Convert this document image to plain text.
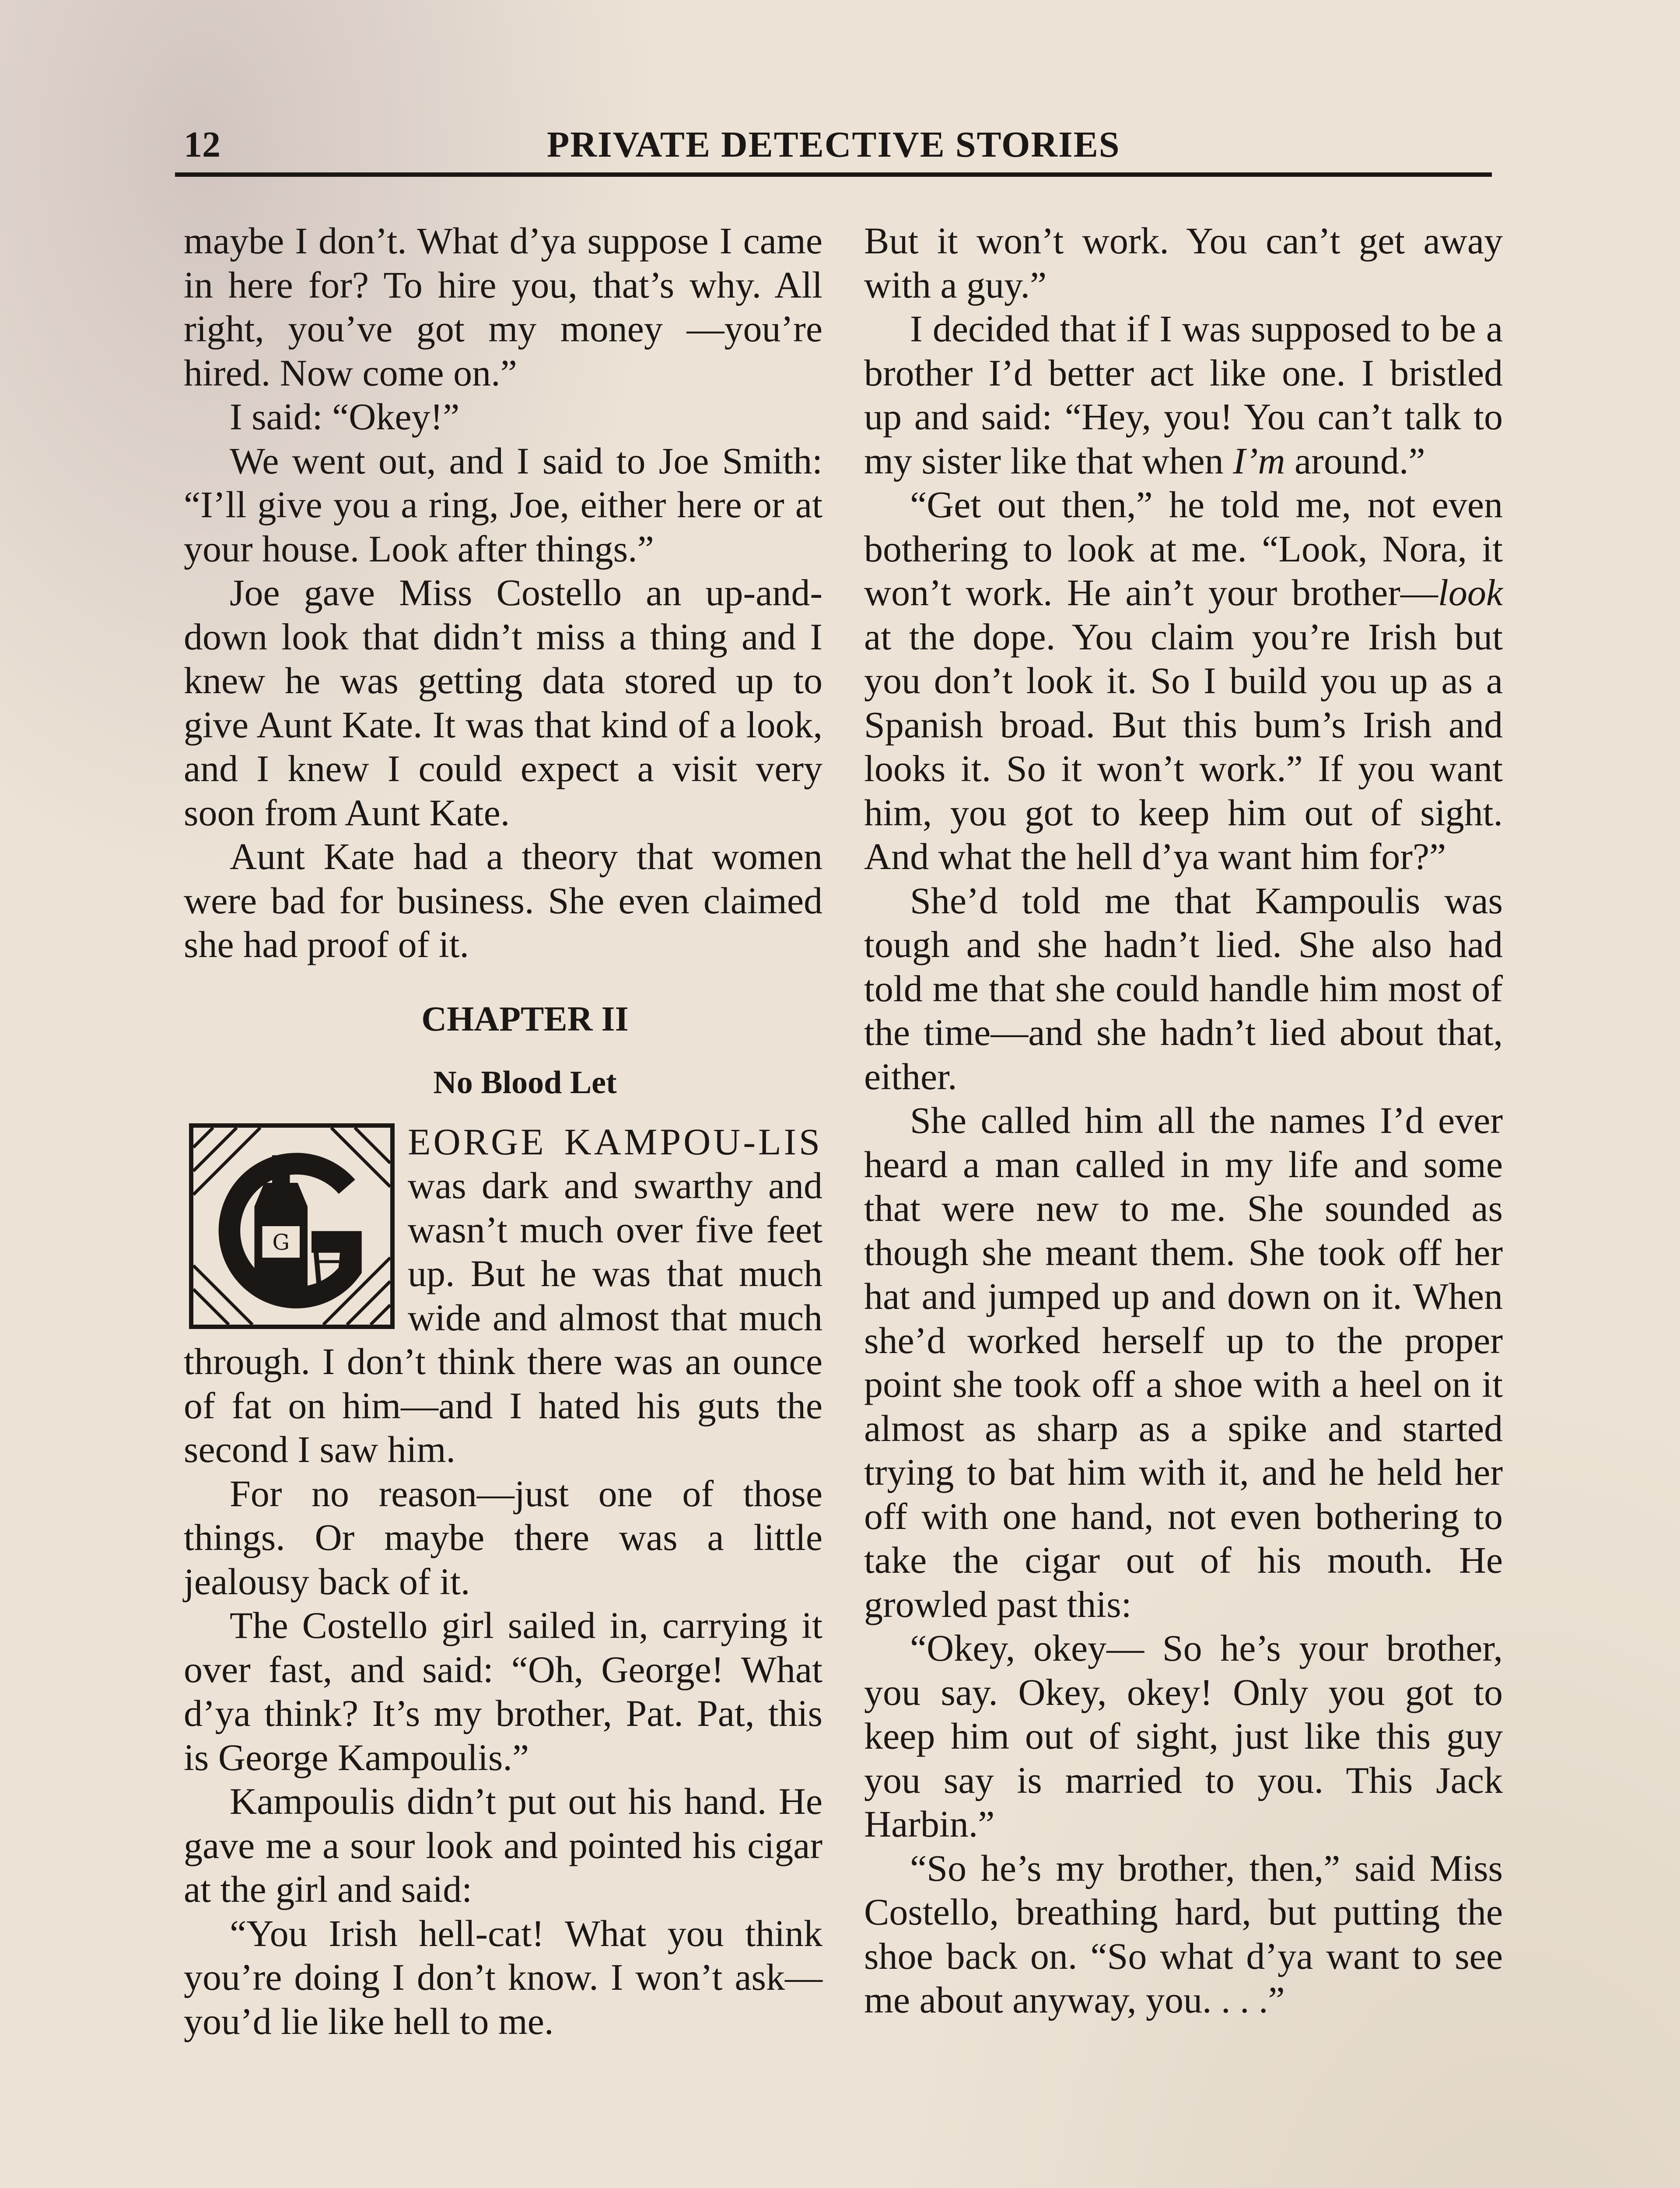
12	PRIVATE DETECTIVE STORIES

maybe I don’t. What d’ya suppose I came in here for? To hire you, that’s why. All right, you’ve got my money —you’re hired. Now come on.”

I said: “Okey!”

We went out, and I said to Joe Smith: “I’ll give you a ring, Joe, either here or at your house. Look after things.”

Joe gave Miss Costello an up-and-down look that didn’t miss a thing and I knew he was getting data stored up to give Aunt Kate. It was that kind of a look, and I knew I could expect a visit very soon from Aunt Kate.

Aunt Kate had a theory that women were bad for business. She even claimed she had proof of it.

CHAPTER II
No Blood Let

G
EORGE KAMPOU-LIS was dark and swarthy and wasn’t much over five feet up. But he was that much wide and almost that much through. I don’t think there was an ounce of fat on him—and I hated his guts the second I saw him.

For no reason—just one of those things. Or maybe there was a little jealousy back of it.

The Costello girl sailed in, carrying it over fast, and said: “Oh, George! What d’ya think? It’s my brother, Pat. Pat, this is George Kampoulis.”

Kampoulis didn’t put out his hand. He gave me a sour look and pointed his cigar at the girl and said:

“You Irish hell-cat! What you think you’re doing I don’t know. I won’t ask—you’d lie like hell to me.

But it won’t work. You can’t get away with a guy.”

I decided that if I was supposed to be a brother I’d better act like one. I bristled up and said: “Hey, you! You can’t talk to my sister like that when I’m around.”

“Get out then,” he told me, not even bothering to look at me. “Look, Nora, it won’t work. He ain’t your brother—look at the dope. You claim you’re Irish but you don’t look it. So I build you up as a Spanish broad. But this bum’s Irish and looks it. So it won’t work.” If you want him, you got to keep him out of sight. And what the hell d’ya want him for?”

She’d told me that Kampoulis was tough and she hadn’t lied. She also had told me that she could handle him most of the time—and she hadn’t lied about that, either.

She called him all the names I’d ever heard a man called in my life and some that were new to me. She sounded as though she meant them. She took off her hat and jumped up and down on it. When she’d worked herself up to the proper point she took off a shoe with a heel on it almost as sharp as a spike and started trying to bat him with it, and he held her off with one hand, not even bothering to take the cigar out of his mouth. He growled past this:

“Okey, okey— So he’s your brother, you say. Okey, okey! Only you got to keep him out of sight, just like this guy you say is married to you. This Jack Harbin.”

“So he’s my brother, then,” said Miss Costello, breathing hard, but putting the shoe back on. “So what d’ya want to see me about anyway, you. . . .”
